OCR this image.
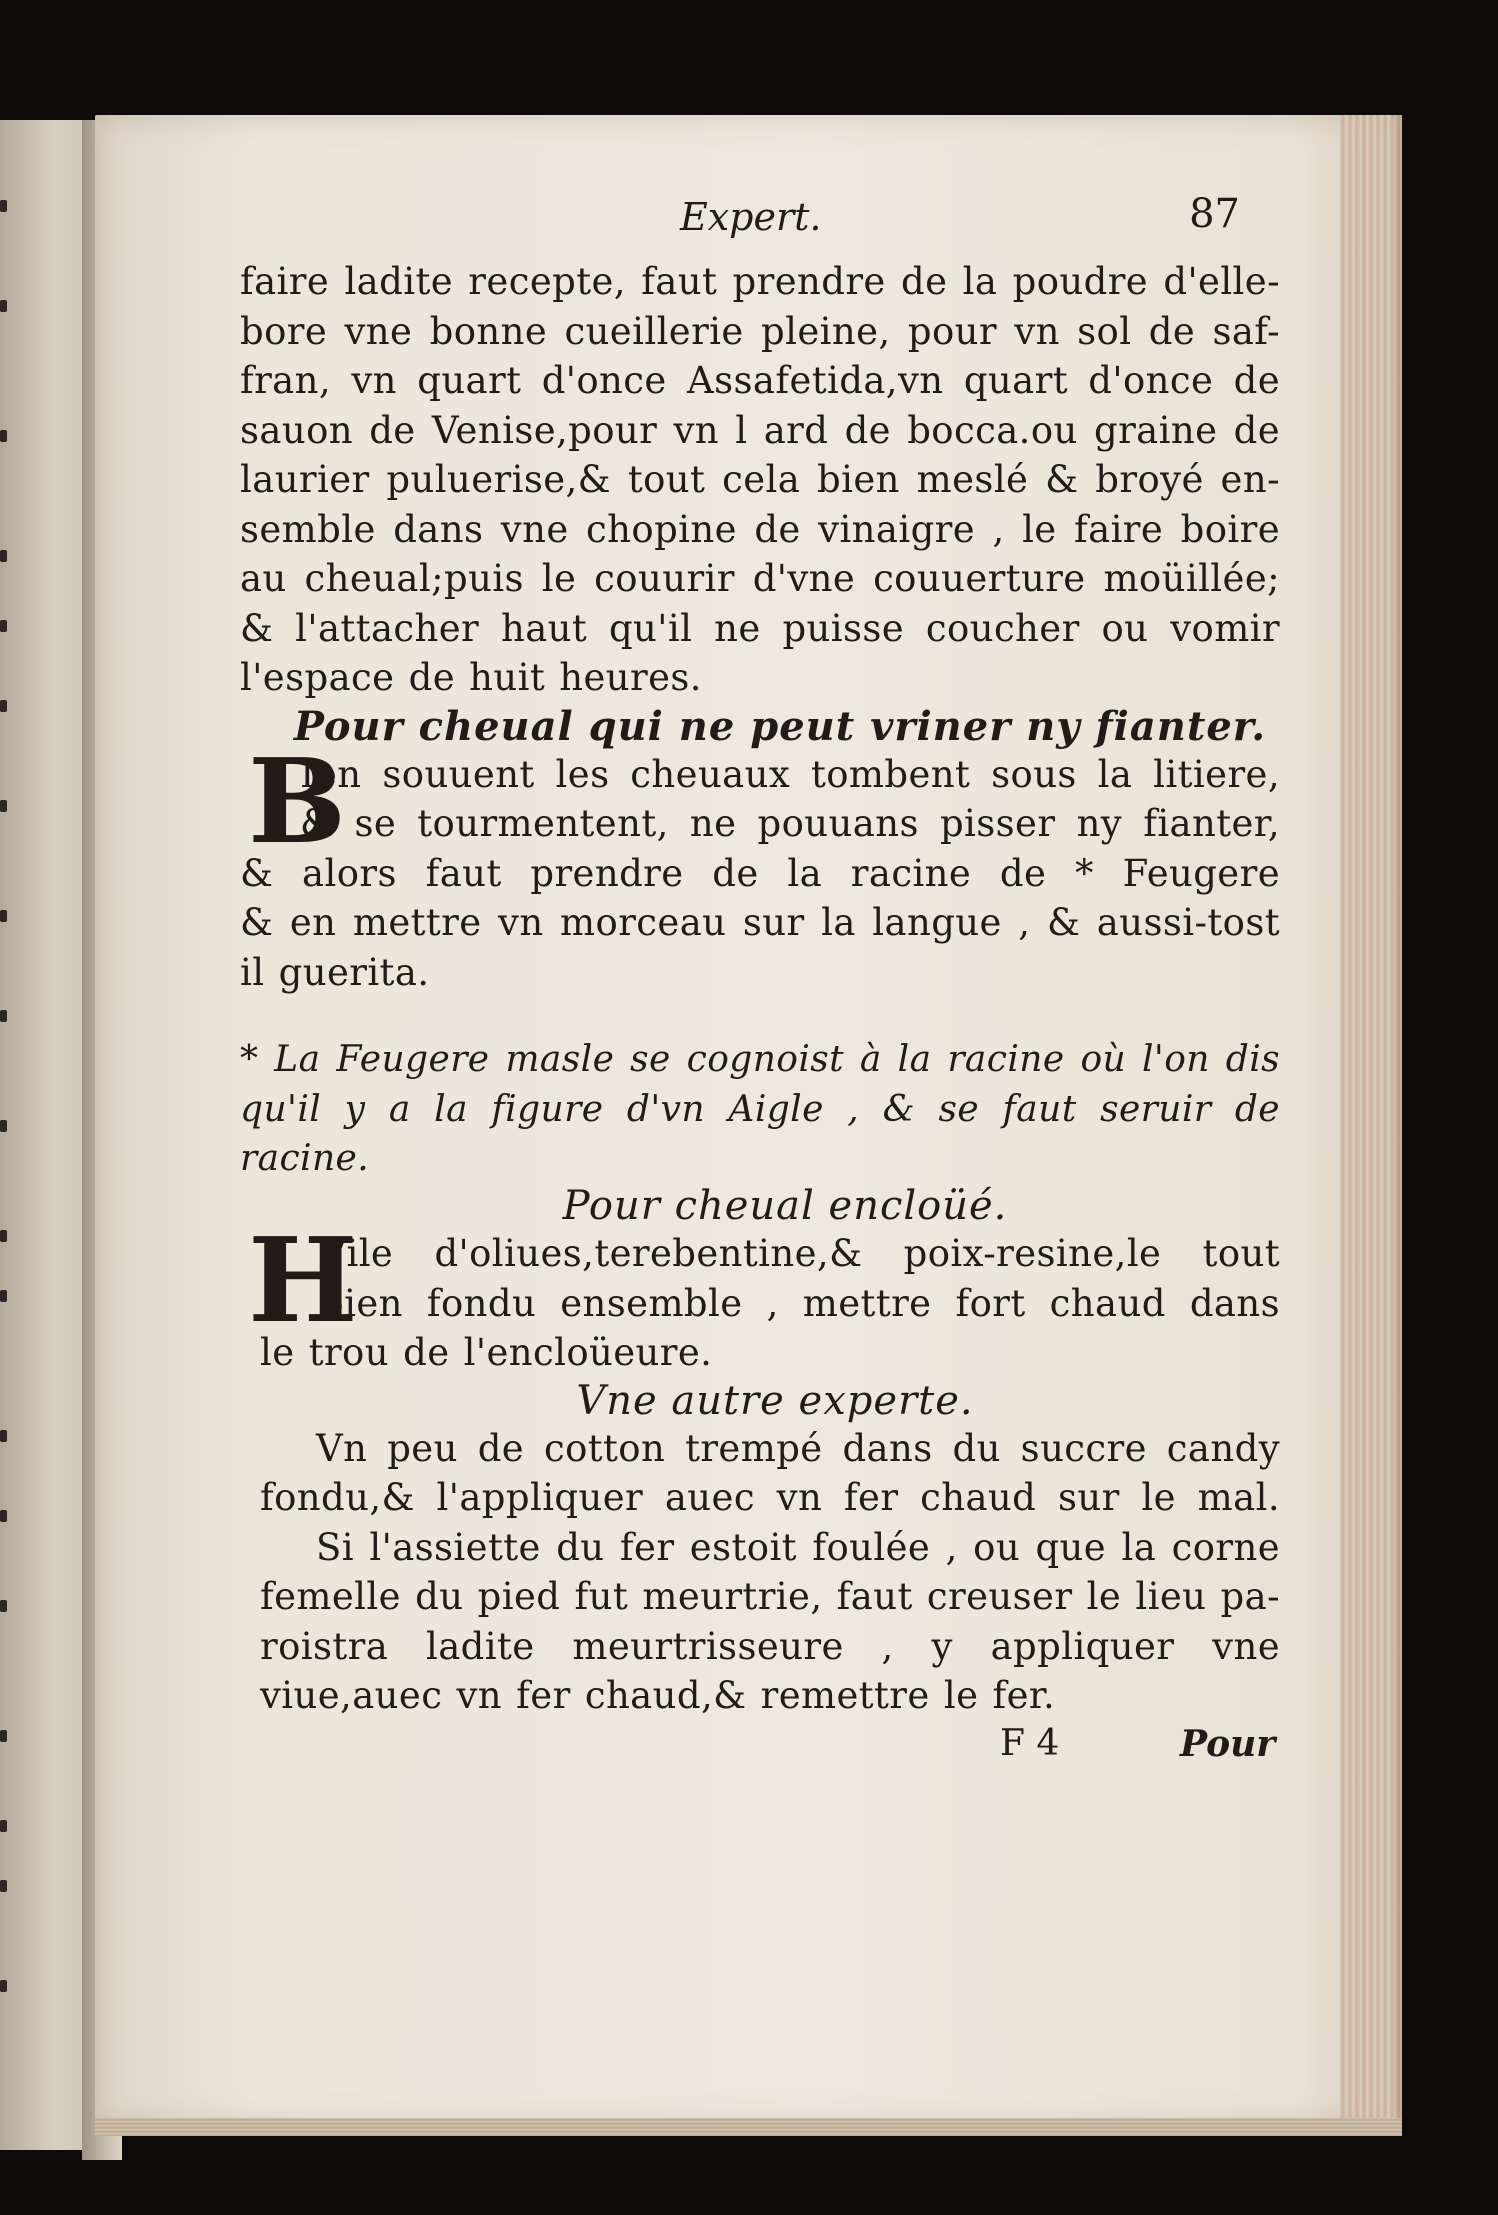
Expert.	87
faire ladite recepte, faut prendre de la poudre d'elle-
bore vne bonne cueillerie pleine, pour vn sol de saf-
fran, vn quart d'once Assafetida,vn quart d'once de
sauon de Venise,pour vn l ard de bocca.ou graine de
laurier puluerise,& tout cela bien meslé & broyé en-
semble dans vne chopine de vinaigre , le faire boire
au cheual;puis le couurir d'vne couuerture moüillée;
& l'attacher haut qu'il ne puisse coucher ou vomir
l'espace de huit heures.
Pour cheual qui ne peut vriner ny fianter.
B
Ien souuent les cheuaux tombent sous la litiere,
& se tourmentent, ne pouuans pisser ny fianter,
& alors faut prendre de la racine de * Feugere
& en mettre vn morceau sur la langue , & aussi-tost
il guerita.
* La Feugere masle se cognoist à la racine où l'on dis
qu'il y a la figure d'vn Aigle , & se faut seruir de
racine.
Pour cheual encloüé.
H
Vile d'oliues,terebentine,& poix-resine,le tout
bien fondu ensemble , mettre fort chaud dans
le trou de l'encloüeure.
Vne autre experte.
Vn peu de cotton trempé dans du succre candy
fondu,& l'appliquer auec vn fer chaud sur le mal.
Si l'assiette du fer estoit foulée , ou que la corne
femelle du pied fut meurtrie, faut creuser le lieu pa-
roistra ladite meurtrisseure , y appliquer vne
viue,auec vn fer chaud,& remettre le fer.
F 4	Pour
